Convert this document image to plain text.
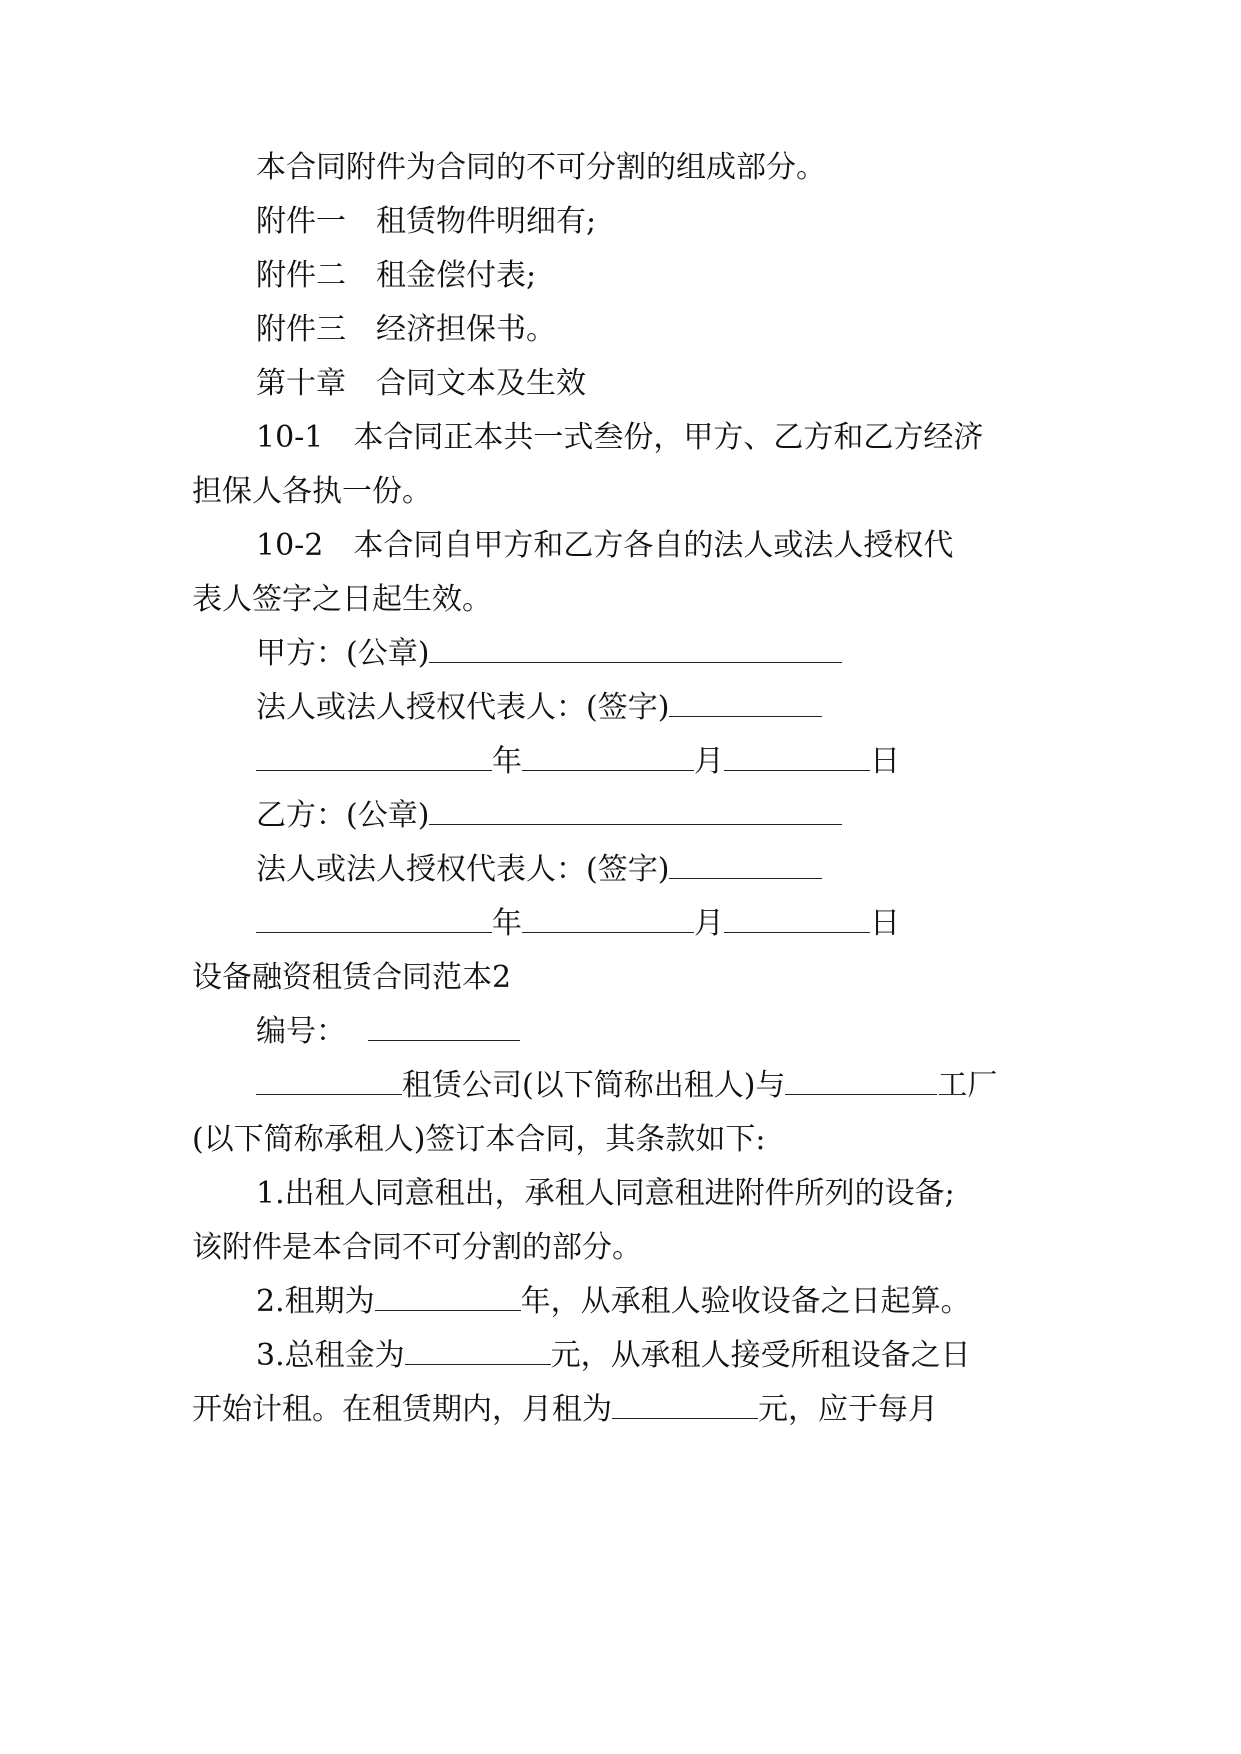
本合同附件为合同的不可分割的组成部分。
附件一　租赁物件明细有;
附件二　租金偿付表;
附件三　经济担保书。
第十章　合同文本及生效
10-1　本合同正本共一式叁份，甲方、乙方和乙方经济
担保人各执一份。
10-2　本合同自甲方和乙方各自的法人或法人授权代
表人签字之日起生效。
甲方：(公章)
法人或法人授权代表人：(签字)
年	月	日
乙方：(公章)
法人或法人授权代表人：(签字)
年	月	日
设备融资租赁合同范本2
编号：
租赁公司(以下简称出租人)与	工厂
(以下简称承租人)签订本合同，其条款如下:
1.出租人同意租出，承租人同意租进附件所列的设备;
该附件是本合同不可分割的部分。
2.租期为	年，从承租人验收设备之日起算。
3.总租金为	元，从承租人接受所租设备之日
开始计租。在租赁期内，月租为	元，应于每月
